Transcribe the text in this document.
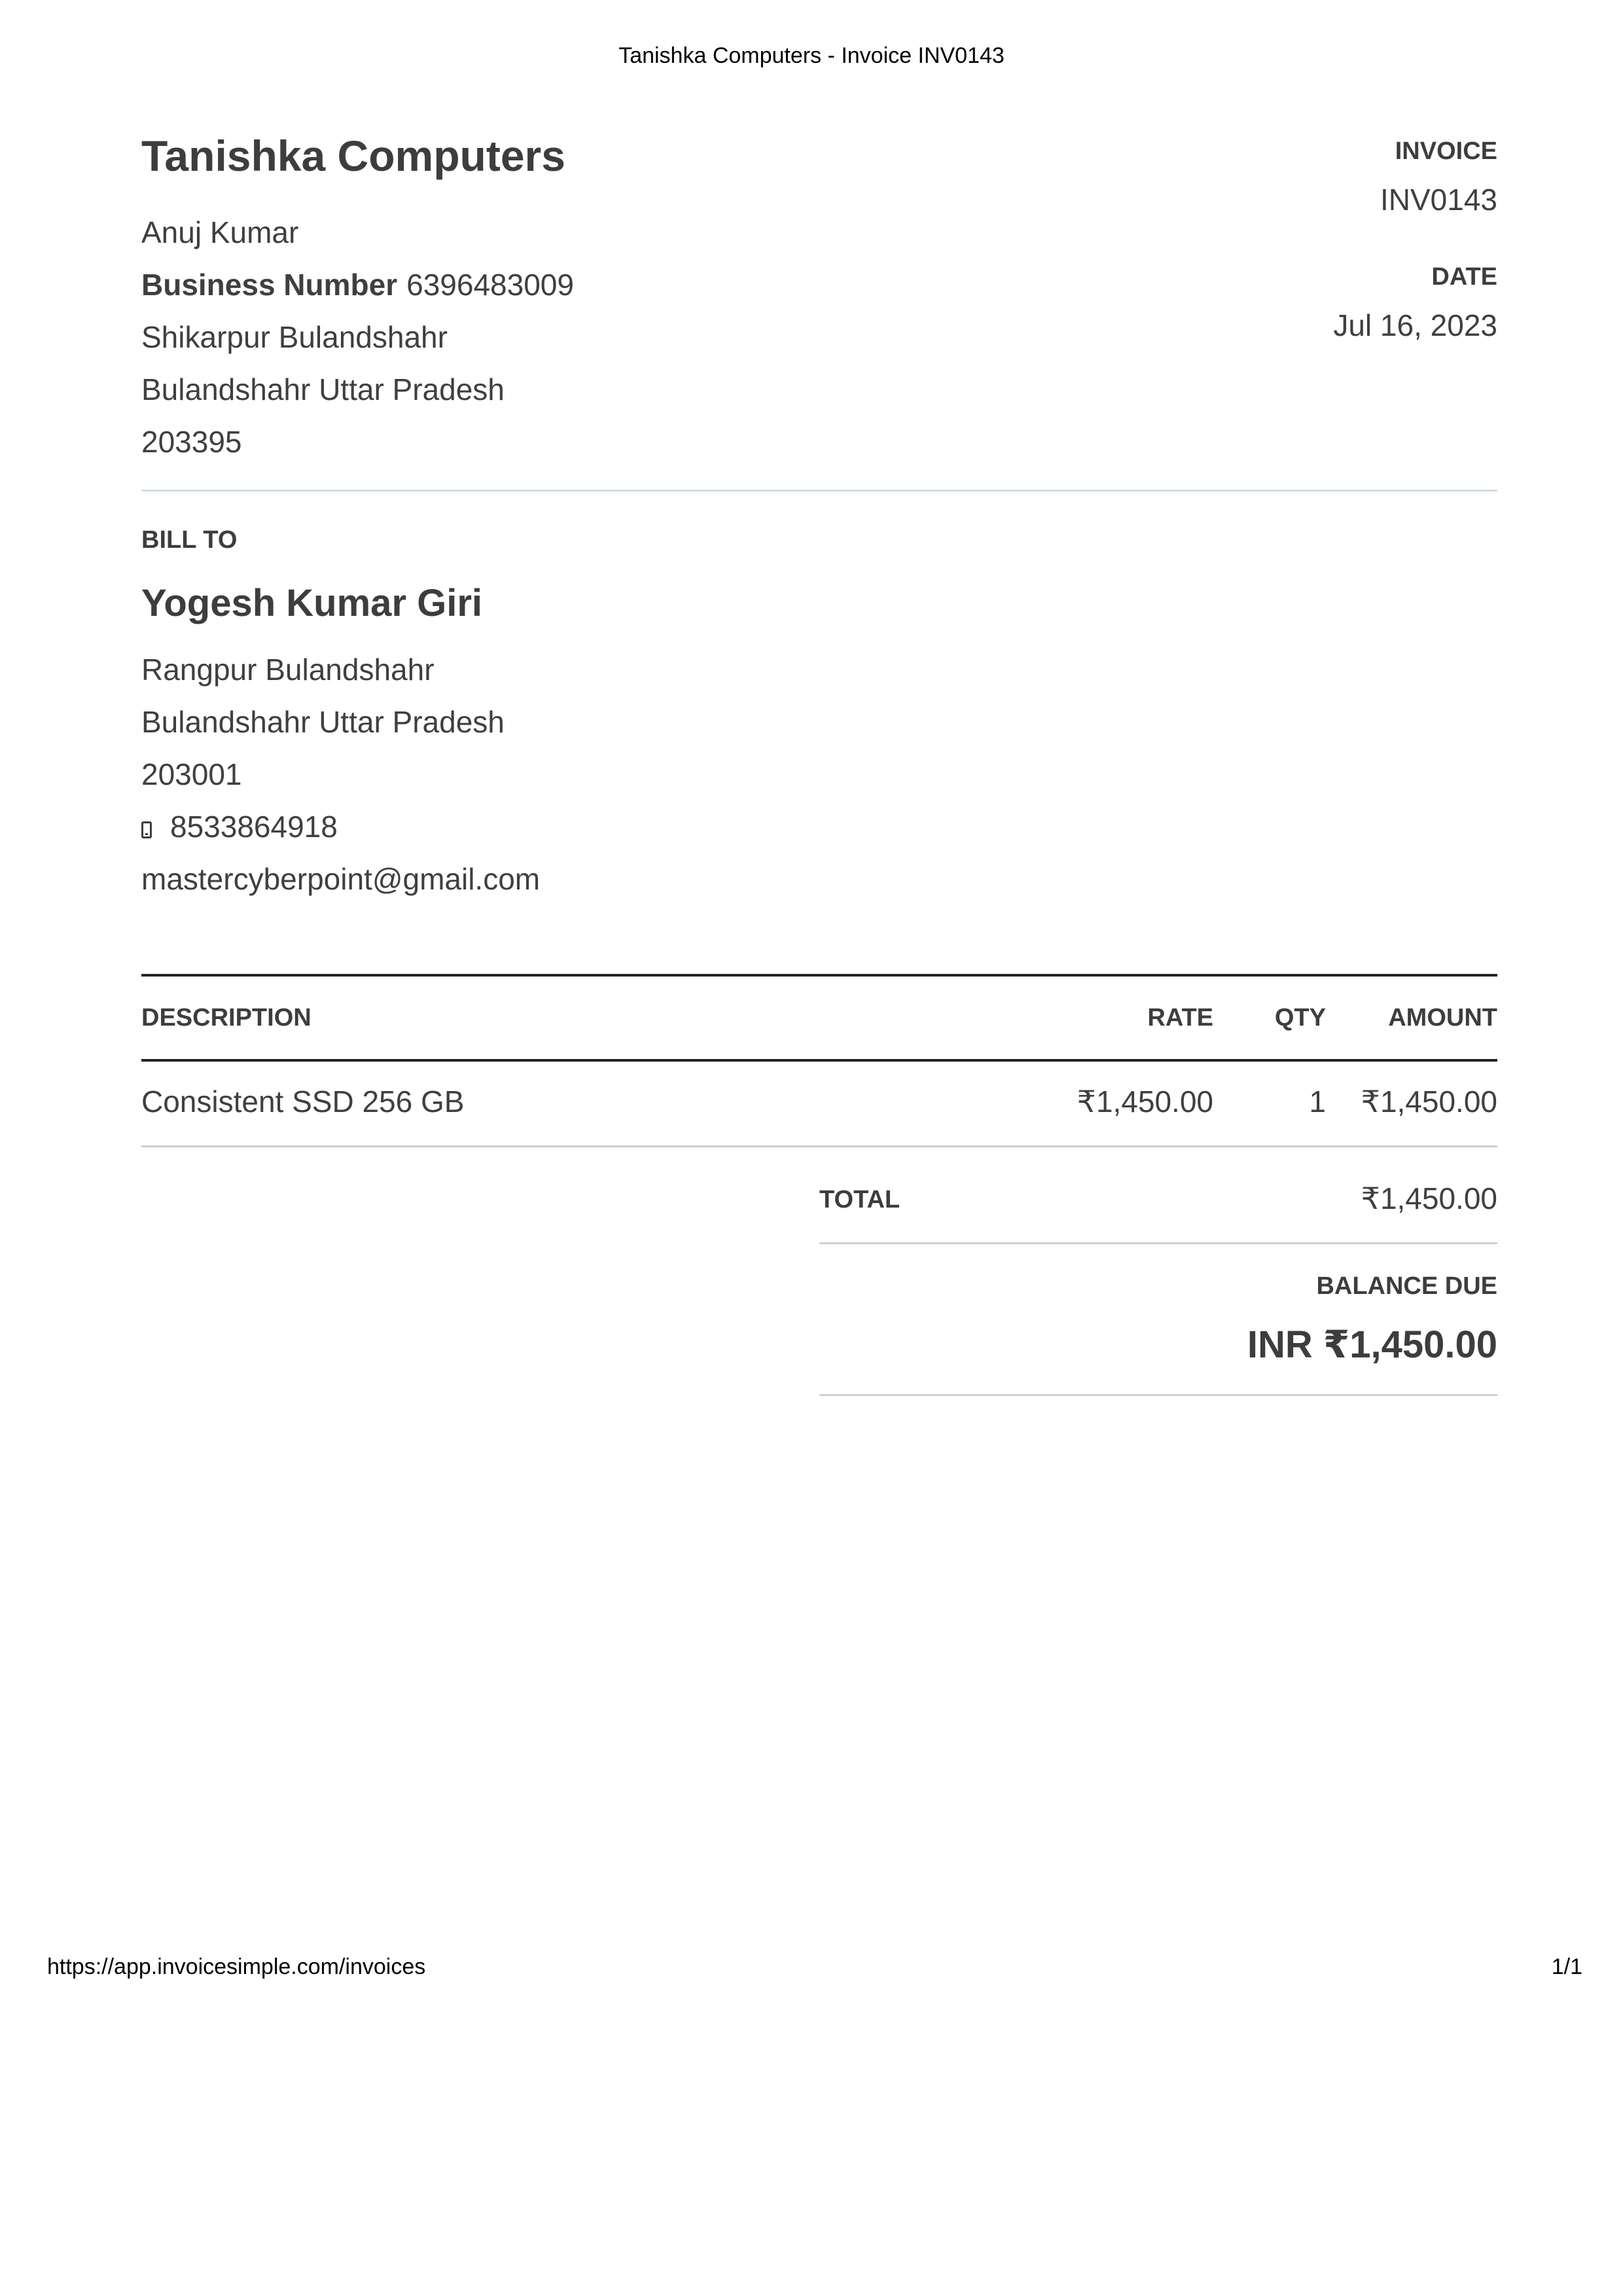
Tanishka Computers - Invoice INV0143
Tanishka Computers
Anuj Kumar
Business Number 6396483009
Shikarpur Bulandshahr
Bulandshahr Uttar Pradesh
203395
INVOICE
INV0143
DATE
Jul 16, 2023
BILL TO
Yogesh Kumar Giri
Rangpur Bulandshahr
Bulandshahr Uttar Pradesh
203001
8533864918
mastercyberpoint@gmail.com
DESCRIPTION	RATE QTY	AMOUNT
Consistent SSD 256 GB	₹1,450.00	1 ₹1,450.00
TOTAL	₹1,450.00
BALANCE DUE
INR ₹1,450.00
https://app.invoicesimple.com/invoices	1/1
